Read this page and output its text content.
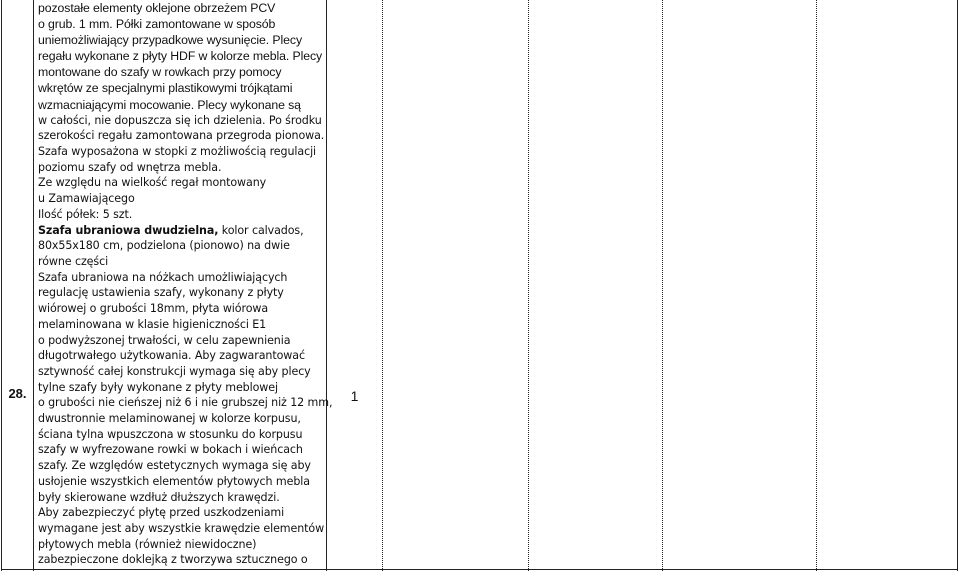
28.	1
pozostałe elementy oklejone obrzeżem PCV
o grub. 1 mm. Półki zamontowane w sposób
uniemożliwiający przypadkowe wysunięcie. Plecy
regału wykonane z płyty HDF w kolorze mebla. Plecy
montowane do szafy w rowkach przy pomocy
wkrętów ze specjalnymi plastikowymi trójkątami
wzmacniającymi mocowanie. Plecy wykonane są
w całości, nie dopuszcza się ich dzielenia. Po środku
szerokości regału zamontowana przegroda pionowa.
Szafa wyposażona w stopki z możliwością regulacji
poziomu szafy od wnętrza mebla.
Ze względu na wielkość regał montowany
u Zamawiającego
Ilość półek: 5 szt.
Szafa ubraniowa dwudzielna, kolor calvados,
80x55x180 cm, podzielona (pionowo) na dwie
równe części
Szafa ubraniowa na nóżkach umożliwiających
regulację ustawienia szafy, wykonany z płyty
wiórowej o grubości 18mm, płyta wiórowa
melaminowana w klasie higieniczności E1
o podwyższonej trwałości, w celu zapewnienia
długotrwałego użytkowania. Aby zagwarantować
sztywność całej konstrukcji wymaga się aby plecy
tylne szafy były wykonane z płyty meblowej
o grubości nie cieńszej niż 6 i nie grubszej niż 12 mm,
dwustronnie melaminowanej w kolorze korpusu,
ściana tylna wpuszczona w stosunku do korpusu
szafy w wyfrezowane rowki w bokach i wieńcach
szafy. Ze względów estetycznych wymaga się aby
usłojenie wszystkich elementów płytowych mebla
były skierowane wzdłuż dłuższych krawędzi.
Aby zabezpieczyć płytę przed uszkodzeniami
wymagane jest aby wszystkie krawędzie elementów
płytowych mebla (również niewidoczne)
zabezpieczone doklejką z tworzywa sztucznego o
